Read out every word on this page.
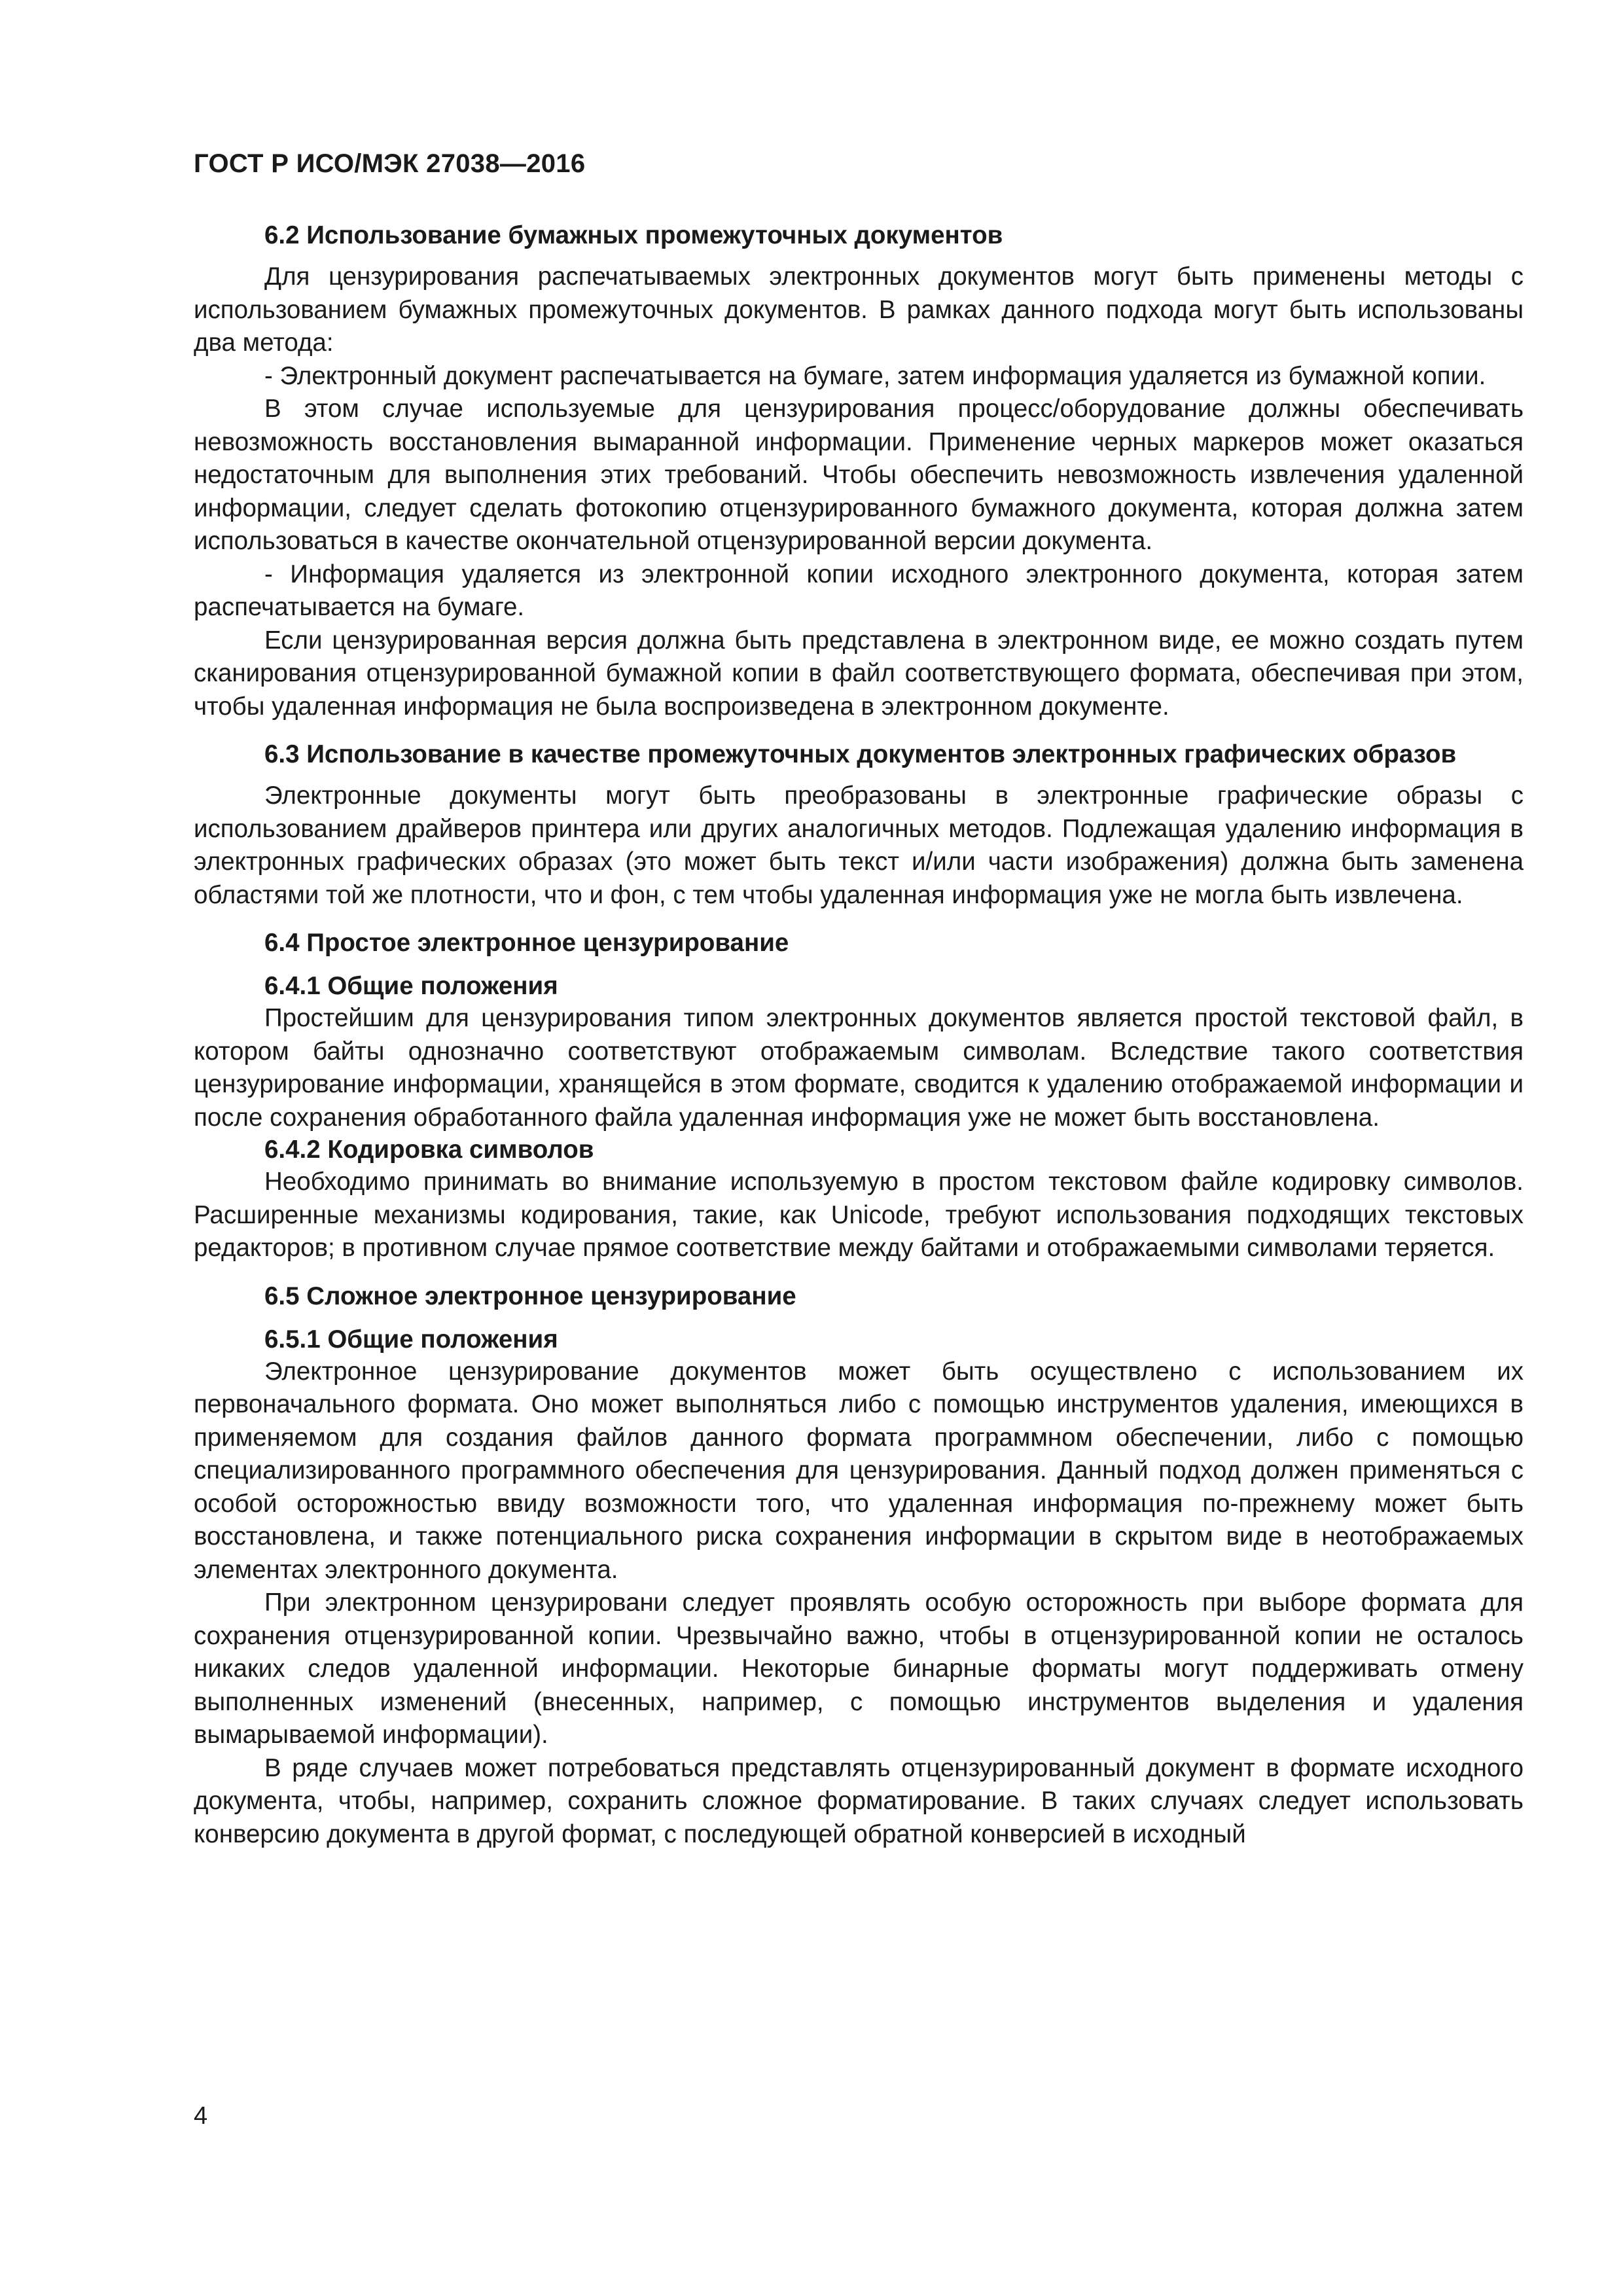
ГОСТ Р ИСО/МЭК 27038—2016
6.2 Использование бумажных промежуточных документов

Для цензурирования распечатываемых электронных документов могут быть применены методы с использованием бумажных промежуточных документов. В рамках данного подхода могут быть использованы два метода:

- Электронный документ распечатывается на бумаге, затем информация удаляется из бумажной копии.

В этом случае используемые для цензурирования процесс/оборудование должны обеспечивать невозможность восстановления вымаранной информации. Применение черных маркеров может оказаться недостаточным для выполнения этих требований. Чтобы обеспечить невозможность извлечения удаленной информации, следует сделать фотокопию отцензурированного бумажного документа, которая должна затем использоваться в качестве окончательной отцензурированной версии документа.

- Информация удаляется из электронной копии исходного электронного документа, которая затем распечатывается на бумаге.

Если цензурированная версия должна быть представлена в электронном виде, ее можно создать путем сканирования отцензурированной бумажной копии в файл соответствующего формата, обеспечивая при этом, чтобы удаленная информация не была воспроизведена в электронном документе.

6.3 Использование в качестве промежуточных документов электронных графических образов

Электронные документы могут быть преобразованы в электронные графические образы с использованием драйверов принтера или других аналогичных методов. Подлежащая удалению информация в электронных графических образах (это может быть текст и/или части изображения) должна быть заменена областями той же плотности, что и фон, с тем чтобы удаленная информация уже не могла быть извлечена.

6.4 Простое электронное цензурирование
6.4.1 Общие положения

Простейшим для цензурирования типом электронных документов является простой текстовой файл, в котором байты однозначно соответствуют отображаемым символам. Вследствие такого соответствия цензурирование информации, хранящейся в этом формате, сводится к удалению отображаемой информации и после сохранения обработанного файла удаленная информация уже не может быть восстановлена.

6.4.2 Кодировка символов

Необходимо принимать во внимание используемую в простом текстовом файле кодировку символов. Расширенные механизмы кодирования, такие, как Unicode, требуют использования подходящих текстовых редакторов; в противном случае прямое соответствие между байтами и отображаемыми символами теряется.

6.5 Сложное электронное цензурирование
6.5.1 Общие положения

Электронное цензурирование документов может быть осуществлено с использованием их первоначального формата. Оно может выполняться либо с помощью инструментов удаления, имеющихся в применяемом для создания файлов данного формата программном обеспечении, либо с помощью специализированного программного обеспечения для цензурирования. Данный подход должен применяться с особой осторожностью ввиду возможности того, что удаленная информация по-прежнему может быть восстановлена, и также потенциального риска сохранения информации в скрытом виде в неотображаемых элементах электронного документа.

При электронном цензурировани следует проявлять особую осторожность при выборе формата для сохранения отцензурированной копии. Чрезвычайно важно, чтобы в отцензурированной копии не осталось никаких следов удаленной информации. Некоторые бинарные форматы могут поддерживать отмену выполненных изменений (внесенных, например, с помощью инструментов выделения и удаления вымарываемой информации).

В ряде случаев может потребоваться представлять отцензурированный документ в формате исходного документа, чтобы, например, сохранить сложное форматирование. В таких случаях следует использовать конверсию документа в другой формат, с последующей обратной конверсией в исходный

4
